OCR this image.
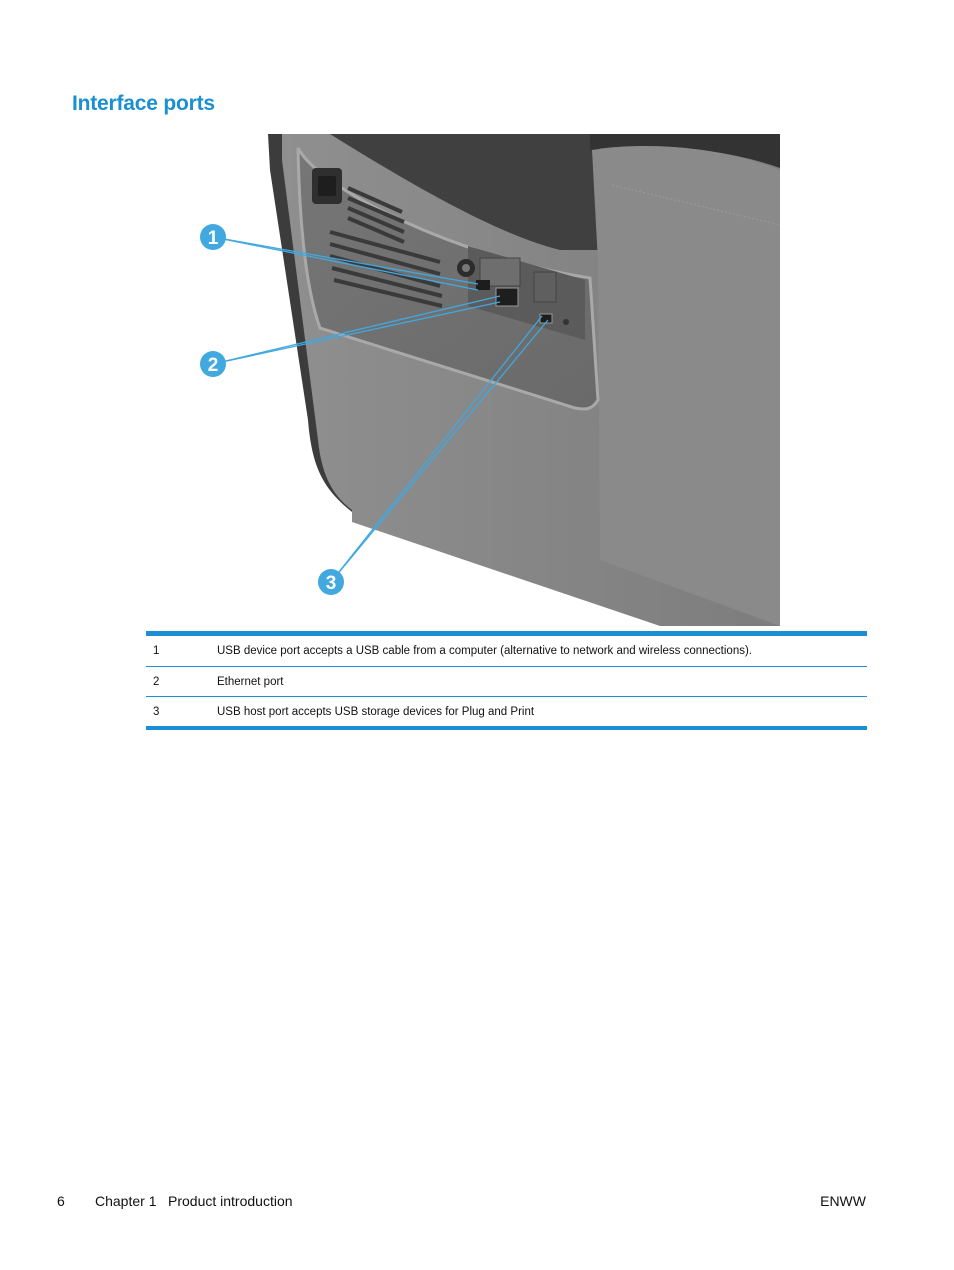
Interface ports
1
2
3
1	USB device port accepts a USB cable from a computer (alternative to network and wireless connections).
2	Ethernet port
3	USB host port accepts USB storage devices for Plug and Print
6 Chapter 1 Product introduction	ENWW
